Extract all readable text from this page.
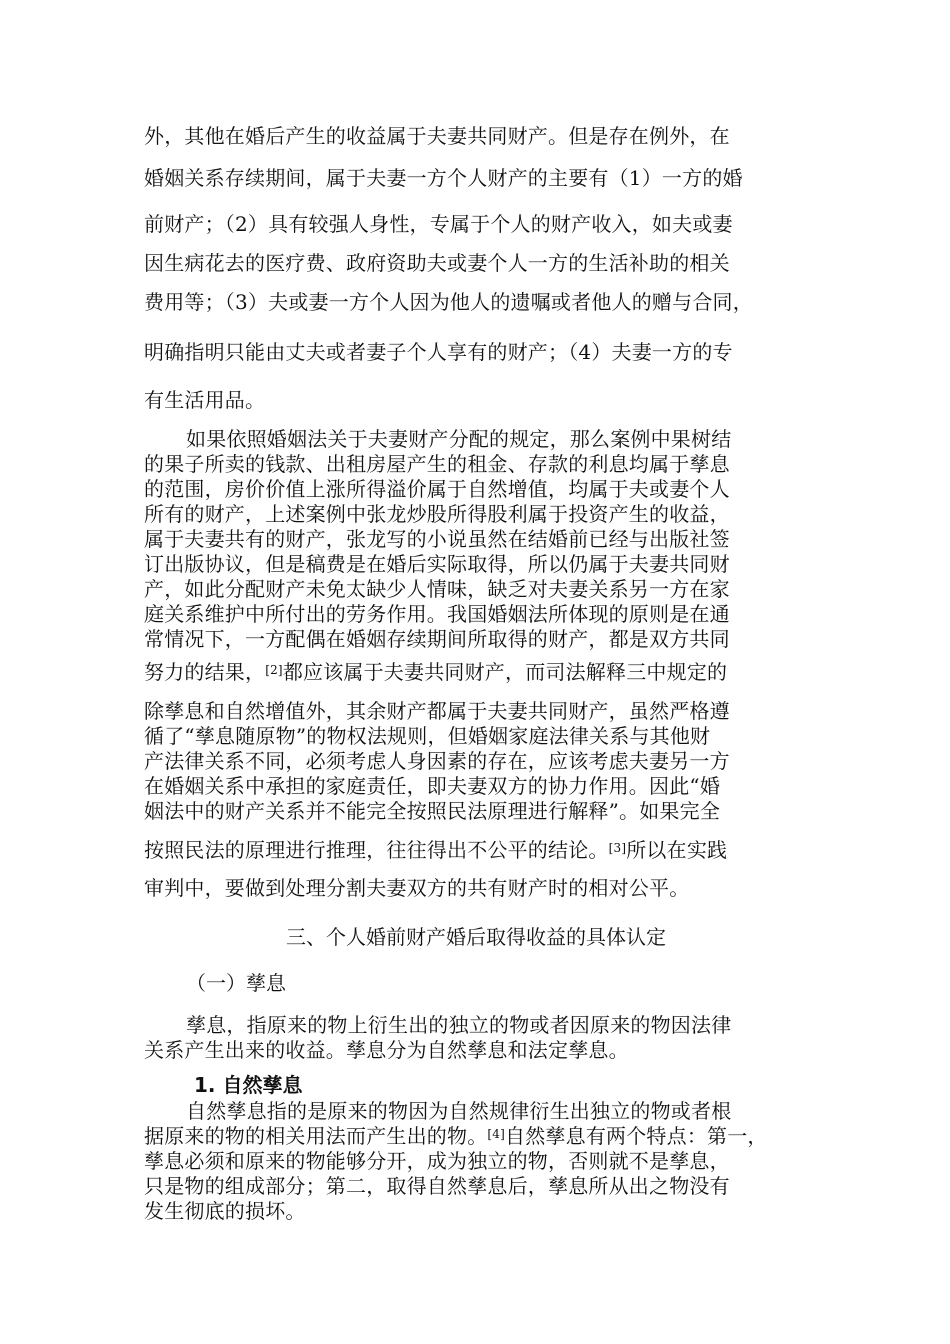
外，其他在婚后产生的收益属于夫妻共同财产。但是存在例外，在
婚姻关系存续期间，属于夫妻一方个人财产的主要有（1）一方的婚
前财产；（2）具有较强人身性，专属于个人的财产收入，如夫或妻
因生病花去的医疗费、政府资助夫或妻个人一方的生活补助的相关
费用等；（3）夫或妻一方个人因为他人的遗嘱或者他人的赠与合同，
明确指明只能由丈夫或者妻子个人享有的财产；（4）夫妻一方的专
有生活用品。
如果依照婚姻法关于夫妻财产分配的规定，那么案例中果树结
的果子所卖的钱款、出租房屋产生的租金、存款的利息均属于孳息
的范围，房价价值上涨所得溢价属于自然增值，均属于夫或妻个人
所有的财产，上述案例中张龙炒股所得股利属于投资产生的收益，
属于夫妻共有的财产，张龙写的小说虽然在结婚前已经与出版社签
订出版协议，但是稿费是在婚后实际取得，所以仍属于夫妻共同财
产，如此分配财产未免太缺少人情味，缺乏对夫妻关系另一方在家
庭关系维护中所付出的劳务作用。我国婚姻法所体现的原则是在通
常情况下，一方配偶在婚姻存续期间所取得的财产，都是双方共同
努力的结果，[2]都应该属于夫妻共同财产，而司法解释三中规定的
除孳息和自然增值外，其余财产都属于夫妻共同财产，虽然严格遵
循了“孳息随原物”的物权法规则，但婚姻家庭法律关系与其他财
产法律关系不同，必须考虑人身因素的存在，应该考虑夫妻另一方
在婚姻关系中承担的家庭责任，即夫妻双方的协力作用。因此“婚
姻法中的财产关系并不能完全按照民法原理进行解释”。如果完全
按照民法的原理进行推理，往往得出不公平的结论。[3]所以在实践
审判中，要做到处理分割夫妻双方的共有财产时的相对公平。
三、个人婚前财产婚后取得收益的具体认定
（一）孳息
孳息，指原来的物上衍生出的独立的物或者因原来的物因法律
关系产生出来的收益。孳息分为自然孳息和法定孳息。
1. 自然孳息
自然孳息指的是原来的物因为自然规律衍生出独立的物或者根
据原来的物的相关用法而产生出的物。[4]自然孳息有两个特点：第一，
孳息必须和原来的物能够分开，成为独立的物，否则就不是孳息，
只是物的组成部分；第二，取得自然孳息后，孳息所从出之物没有
发生彻底的损坏。
